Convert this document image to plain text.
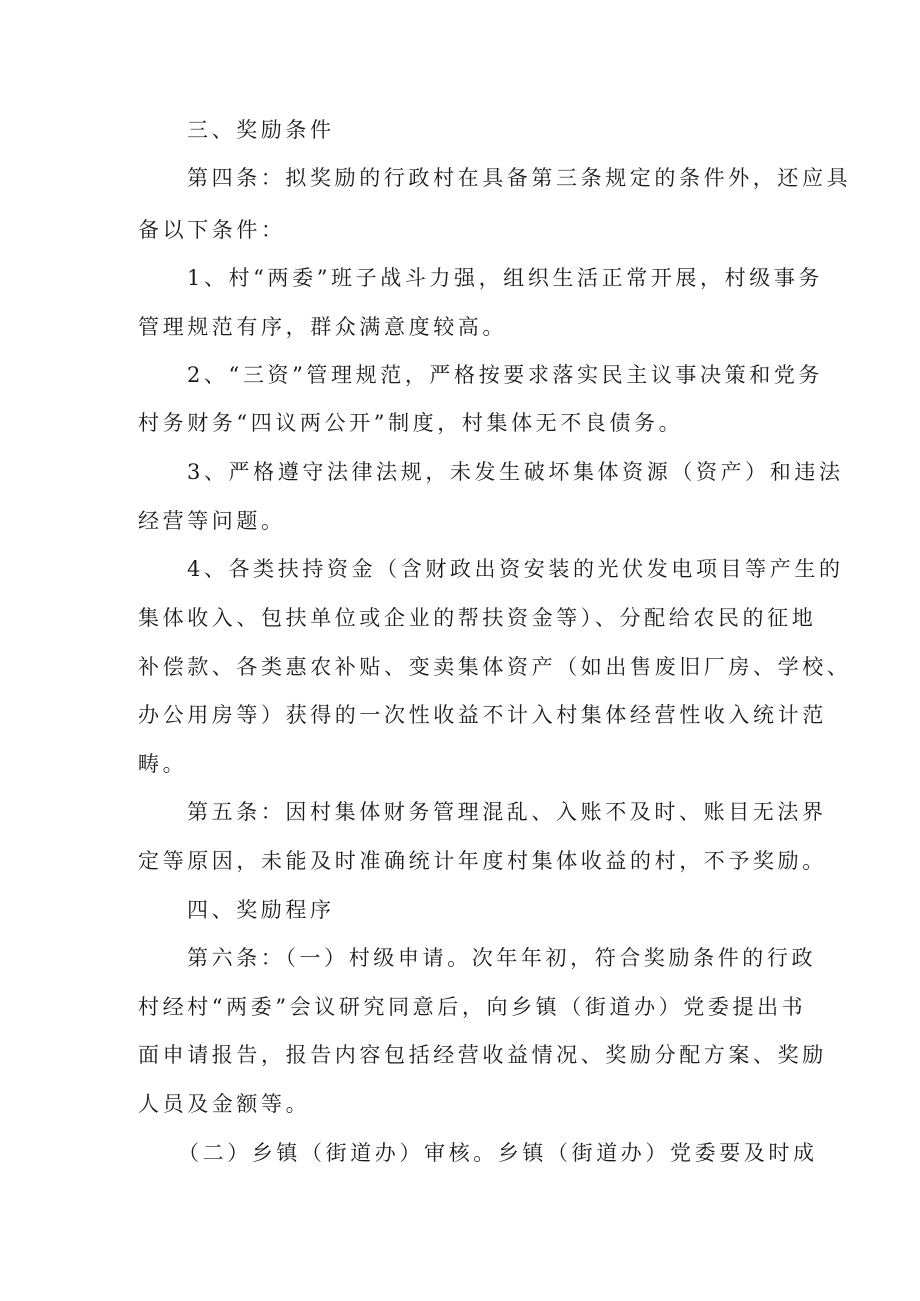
三、奖励条件
第四条：拟奖励的行政村在具备第三条规定的条件外，还应具
备以下条件：
1、村“两委”班子战斗力强，组织生活正常开展，村级事务
管理规范有序，群众满意度较高。
2、“三资”管理规范，严格按要求落实民主议事决策和党务
村务财务“四议两公开”制度，村集体无不良债务。
3、严格遵守法律法规，未发生破坏集体资源（资产）和违法
经营等问题。
4、各类扶持资金（含财政出资安装的光伏发电项目等产生的
集体收入、包扶单位或企业的帮扶资金等）、分配给农民的征地
补偿款、各类惠农补贴、变卖集体资产（如出售废旧厂房、学校、
办公用房等）获得的一次性收益不计入村集体经营性收入统计范
畴。
第五条：因村集体财务管理混乱、入账不及时、账目无法界
定等原因，未能及时准确统计年度村集体收益的村，不予奖励。
四、奖励程序
第六条：（一）村级申请。次年年初，符合奖励条件的行政
村经村“两委”会议研究同意后，向乡镇（街道办）党委提出书
面申请报告，报告内容包括经营收益情况、奖励分配方案、奖励
人员及金额等。
（二）乡镇（街道办）审核。乡镇（街道办）党委要及时成
